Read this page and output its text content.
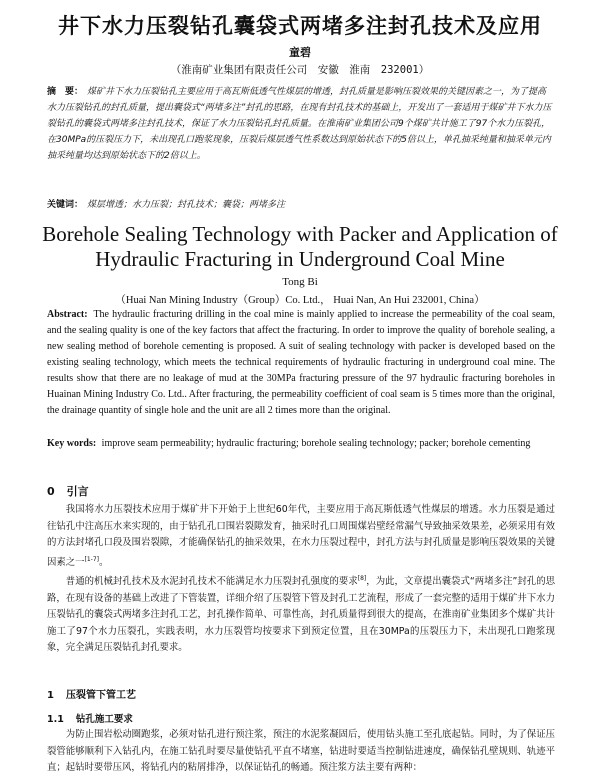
井下水力压裂钻孔囊袋式两堵多注封孔技术及应用
童碧
（淮南矿业集团有限责任公司　安徽　淮南　232001）
摘　要： 煤矿井下水力压裂钻孔主要应用于高瓦斯低透气性煤层的增透，封孔质量是影响压裂效果的关键因素之一，为了提高水力压裂钻孔的封孔质量，提出囊袋式“两堵多注”封孔的思路，在现有封孔技术的基础上，开发出了一套适用于煤矿井下水力压裂钻孔的囊袋式两堵多注封孔技术，保证了水力压裂钻孔封孔质量。在淮南矿业集团公司9个煤矿共计施工了97个水力压裂孔，在30MPa的压裂压力下，未出现孔口跑浆现象，压裂后煤层透气性系数达到原始状态下的5倍以上，单孔抽采纯量和抽采单元内抽采纯量均达到原始状态下的2倍以上。
关键词： 煤层增透；水力压裂；封孔技术；囊袋；两堵多注
Borehole Sealing Technology with Packer and Application of
Hydraulic Fracturing in Underground Coal Mine
Tong Bi
（Huai Nan Mining Industry（Group）Co. Ltd.， Huai Nan, An Hui 232001, China）
Abstract: The hydraulic fracturing drilling in the coal mine is mainly applied to increase the permeability of the coal seam, and the sealing quality is one of the key factors that affect the fracturing. In order to improve the quality of borehole sealing, a new sealing method of borehole cementing is proposed. A suit of sealing technology with packer is developed based on the existing sealing technology, which meets the technical requirements of hydraulic fracturing in underground coal mine. The results show that there are no leakage of mud at the 30MPa fracturing pressure of the 97 hydraulic fracturing boreholes in Huainan Mining Industry Co. Ltd.. After fracturing, the permeability coefficient of coal seam is 5 times more than the original, the drainage quantity of single hole and the unit are all 2 times more than the original.
Key words: improve seam permeability; hydraulic fracturing; borehole sealing technology; packer; borehole cementing
0 引言
我国将水力压裂技术应用于煤矿井下开始于上世纪60年代，主要应用于高瓦斯低透气性煤层的增透。水力压裂是通过往钻孔中注高压水来实现的，由于钻孔孔口围岩裂隙发育，抽采时孔口周围煤岩壁经常漏气导致抽采效果差，必须采用有效的方法封堵孔口段及围岩裂隙，才能确保钻孔的抽采效果，在水力压裂过程中，封孔方法与封孔质量是影响压裂效果的关键因素之一[1-7]。
普通的机械封孔技术及水泥封孔技术不能满足水力压裂封孔强度的要求[8]，为此，文章提出囊袋式“两堵多注”封孔的思路，在现有设备的基础上改进了下管装置，详细介绍了压裂管下管及封孔工艺流程，形成了一套完整的适用于煤矿井下水力压裂钻孔的囊袋式两堵多注封孔工艺，封孔操作简单、可靠性高，封孔质量得到很大的提高，在淮南矿业集团多个煤矿共计施工了97个水力压裂孔，实践表明，水力压裂管均按要求下到预定位置，且在30MPa的压裂压力下，未出现孔口跑浆现象，完全满足压裂钻孔封孔要求。
1 压裂管下管工艺
1.1 钻孔施工要求
为防止围岩松动圈跑浆，必须对钻孔进行预注浆，预注的水泥浆凝固后，使用钻头施工至孔底起钻。同时，为了保证压裂管能够顺利下入钻孔内，在施工钻孔时要尽量使钻孔平直不堵塞，钻进时要适当控制钻进速度，确保钻孔壁规则、轨迹平直；起钻时要带压风，将钻孔内的粘屑排净，以保证钻孔的畅通。预注浆方法主要有两种：
